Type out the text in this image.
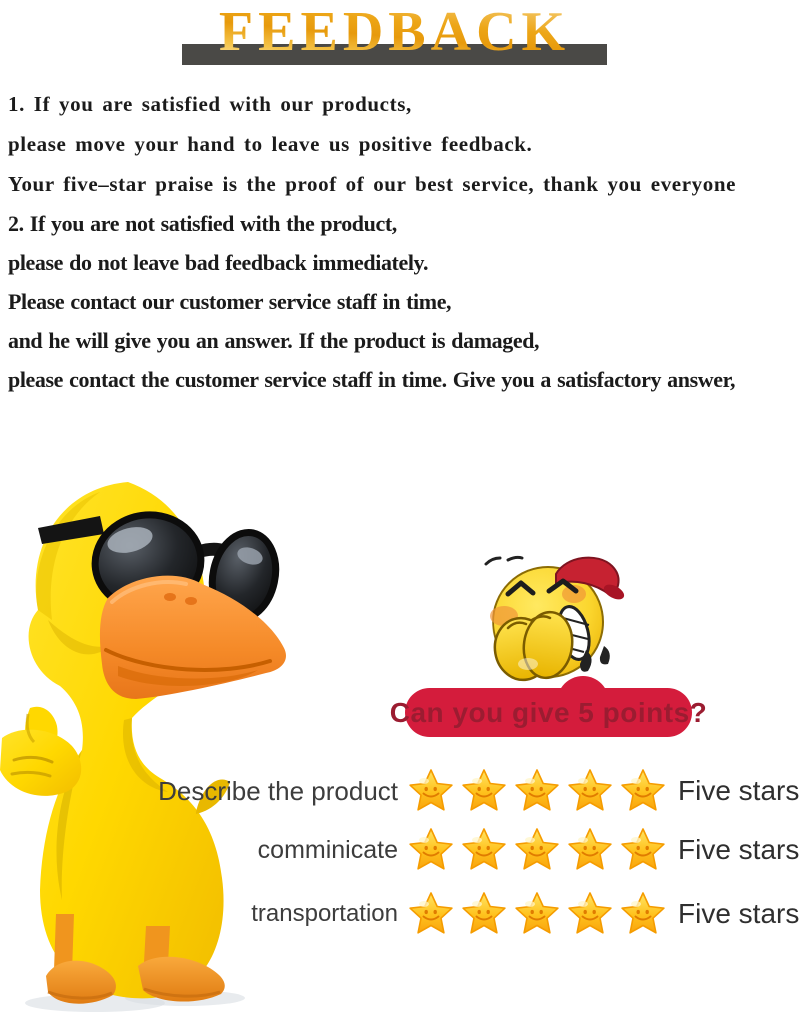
FEEDBACK
1. If you are satisfied with our products,
please move your hand to leave us positive feedback.
Your five–star praise is the proof of our best service, thank you everyone
2. If you are not satisfied with the product,
please do not leave bad feedback immediately.
Please contact our customer service staff in time,
and he will give you an answer. If the product is damaged,
please contact the customer service staff in time. Give you a satisfactory answer,
Can you give 5 points?
Describe the product	Five stars
comminicate	Five stars
transportation	Five stars
